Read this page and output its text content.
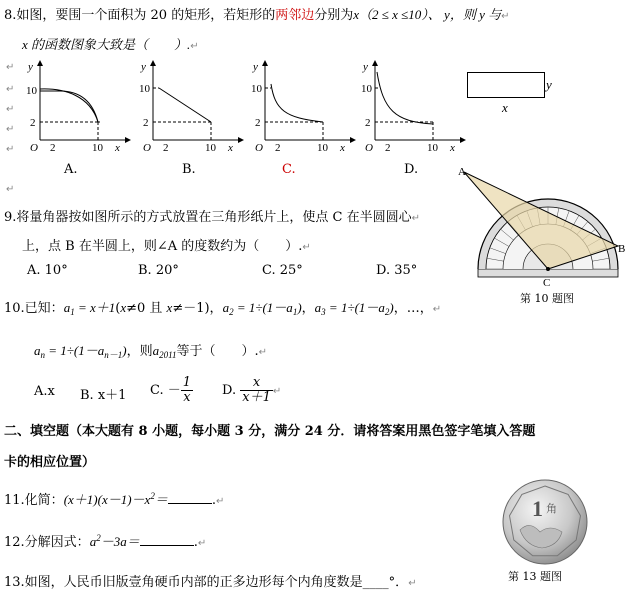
8.如图，要围一个面积为 20 的矩形，若矩形的两邻边分别为x（2 ≤ x ≤10）、 y，则 y 与↵
x 的函数图象大致是（　　）.↵
↵
↵
↵
↵
↵
↵
y
10
2
O 2	10 x
y
10
2
O 2	10 x
y
10
2
O 2	10 x
y
10
2
O 2	10 x
y
x
A.	B.	C.	D.
9.将量角器按如图所示的方式放置在三角形纸片上，使点 C 在半圆圆心↵
上，点 B 在半圆上，则∠A 的度数约为（　　）.↵
A. 10°	B. 20°	C. 25°	D. 35°
A
B
C
第 10 题图
10.已知：$a_1 = x+1(x\ne 0$ 且 x≠－1)，$a_2 = 1\div(1-a_1)$，$a_3 = 1\div(1-a_2)$，…，↵
$a_n = 1\div(1-a_{n-1})$，则$a_{2011}$等于（　　）.↵
A.x B. x＋1 C. － $\frac{1}{x} D$. $\frac{x}{x+1}$ ↵
二、填空题（本大题有 8 小题，每小题 3 分，满分 24 分．请将答案用黑色签字笔填入答题
卡的相应位置）
11.化简：$(x+1)(x-1)-x^2=$	.↵
12.分解因式：$a^2-3a=$	.↵
13.如图，人民币旧版壹角硬币内部的正多边形每个内角度数是____°．↵
1 角
第 13 题图
